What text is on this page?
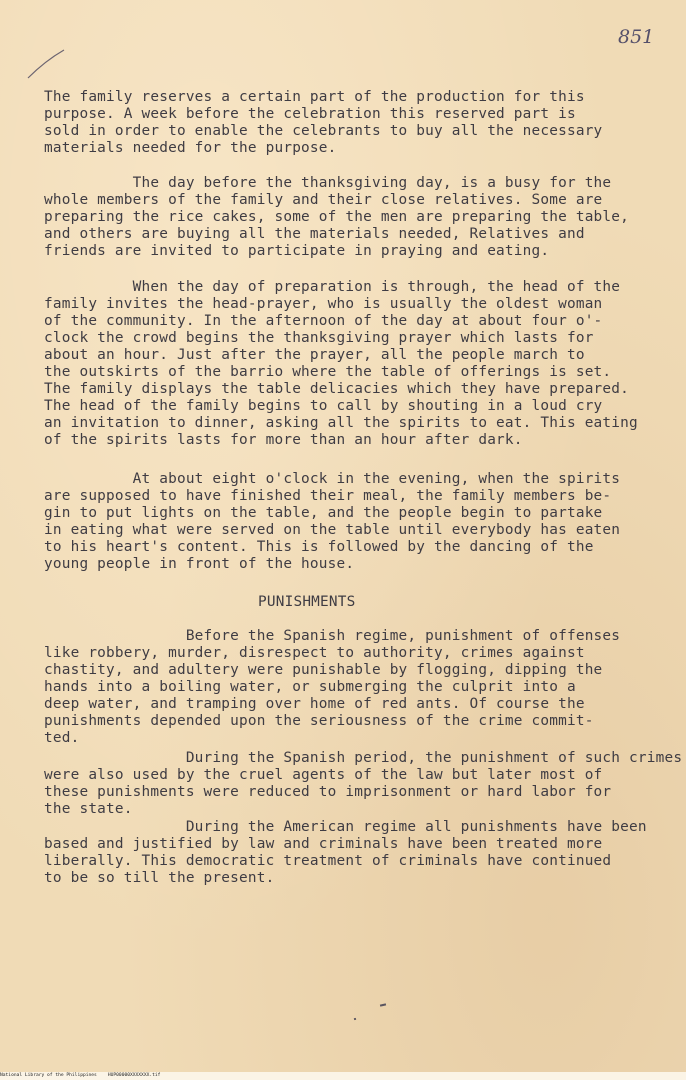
851

The family reserves a certain part of the production for this
purpose. A week before the celebration this reserved part is
sold in order to enable the celebrants to buy all the necessary
materials needed for the purpose.

The day before the thanksgiving day, is a busy for the
whole members of the family and their close relatives. Some are
preparing the rice cakes, some of the men are preparing the table,
and others are buying all the materials needed, Relatives and
friends are invited to participate in praying and eating.

When the day of preparation is through, the head of the
family invites the head-prayer, who is usually the oldest woman
of the community. In the afternoon of the day at about four o'-
clock the crowd begins the thanksgiving prayer which lasts for
about an hour. Just after the prayer, all the people march to
the outskirts of the barrio where the table of offerings is set.
The family displays the table delicacies which they have prepared.
The head of the family begins to call by shouting in a loud cry
an invitation to dinner, asking all the spirits to eat. This eating
of the spirits lasts for more than an hour after dark.

At about eight o'clock in the evening, when the spirits
are supposed to have finished their meal, the family members be-
gin to put lights on the table, and the people begin to partake
in eating what were served on the table until everybody has eaten
to his heart's content. This is followed by the dancing of the
young people in front of the house.

PUNISHMENTS

Before the Spanish regime, punishment of offenses
like robbery, murder, disrespect to authority, crimes against
chastity, and adultery were punishable by flogging, dipping the
hands into a boiling water, or submerging the culprit into a
deep water, and tramping over home of red ants. Of course the
punishments depended upon the seriousness of the crime commit-
ted.

During the Spanish period, the punishment of such crimes
were also used by the cruel agents of the law but later most of
these punishments were reduced to imprisonment or hard labor for
the state.

During the American regime all punishments have been
based and justified by law and criminals have been treated more
liberally. This democratic treatment of criminals have continued
to be so till the present.

National Library of the Philippines    HUP00000XXXXXXX.tif
